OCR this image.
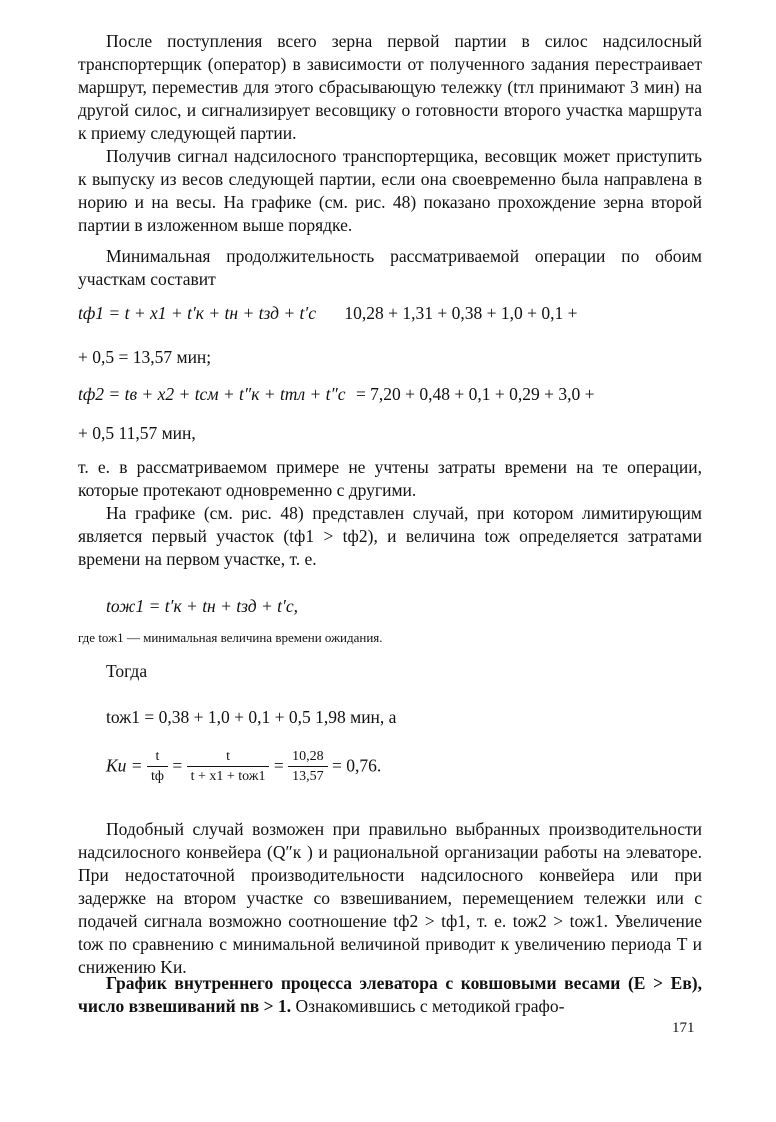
После поступления всего зерна первой партии в силос надсилосный транспортерщик (оператор) в зависимости от полученного задания перестраивает маршрут, переместив для этого сбрасывающую тележку (tтл принимают 3 мин) на другой силос, и сигнализирует весовщику о готовности второго участка маршрута к приему следующей партии.

Получив сигнал надсилосного транспортерщика, весовщик может приступить к выпуску из весов следующей партии, если она своевременно была направлена в норию и на весы. На графике (см. рис. 48) показано прохождение зерна второй партии в изложенном выше порядке.

Минимальная продолжительность рассматриваемой операции по обоим участкам составит

tф1 = t + x1 + t′к + tн + tзд + t′с 10,28 + 1,31 + 0,38 + 1,0 + 0,1 +
+ 0,5 = 13,57 мин;
tф2 = tв + x2 + tсм + t″к + tтл + t″с = 7,20 + 0,48 + 0,1 + 0,29 + 3,0 +
+ 0,5 11,57 мин,

т. е. в рассматриваемом примере не учтены затраты времени на те операции, которые протекают одновременно с другими.

На графике (см. рис. 48) представлен случай, при котором лимитирующим является первый участок (tф1 > tф2), и величина tож определяется затратами времени на первом участке, т. е.

tож1 = t′к + tн + tзд + t′с,
где tож1 — минимальная величина времени ожидания.
Тогда
tож1 = 0,38 + 1,0 + 0,1 + 0,5 1,98 мин, а
Kи = $\frac{t}{tф} = \frac{t}{\text{t + x1 + tож1}} = \frac{10,28}{13,57} = 0,76$.

Подобный случай возможен при правильно выбранных производительности надсилосного конвейера (Q″к ) и рациональной организации работы на элеваторе. При недостаточной производительности надсилосного конвейера или при задержке на втором участке со взвешиванием, перемещением тележки или с подачей сигнала возможно соотношение tф2 > tф1, т. е. tож2 > tож1. Увеличение tож по сравнению с минимальной величиной приводит к увеличению периода T и снижению Kи.

График внутреннего процесса элеватора с ковшовыми весами (E > Eв), число взвешиваний nв > 1. Ознакомившись с методикой графо-

171
